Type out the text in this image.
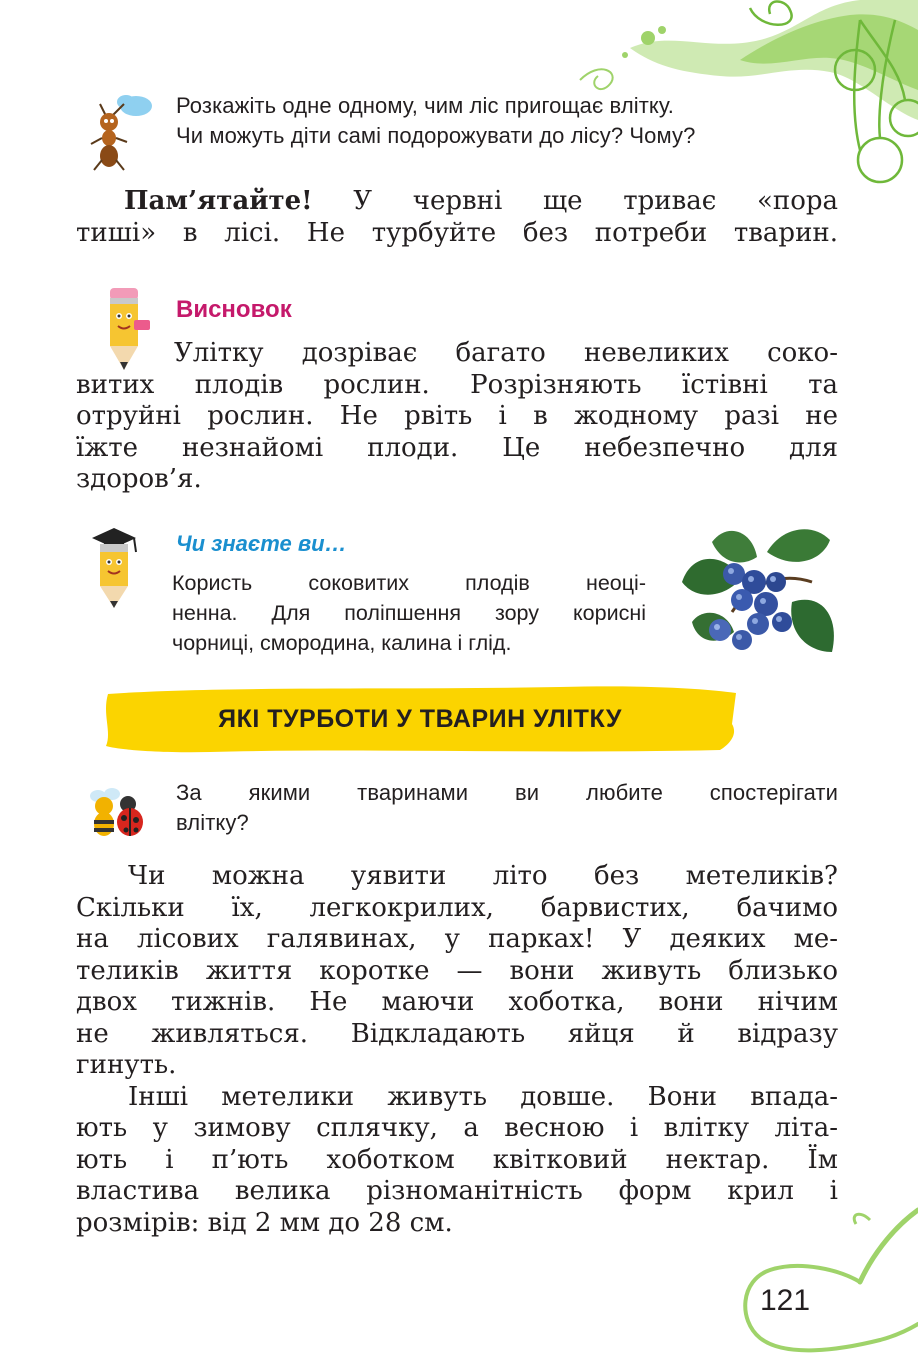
Розкажіть одне одному, чим ліс пригощає влітку.
Чи можуть діти самі подорожувати до лісу? Чому?
Пам’ятайте! У червні ще триває «пора
тиші» в лісі. Не турбуйте без потреби тварин.
Висновок
Улітку дозріває багато невеликих соко-
витих плодів рослин. Розрізняють їстівні та
отруйні рослин. Не рвіть і в жодному разі не
їжте незнайомі плоди. Це небезпечно для
здоров’я.
Чи знаєте ви…
Користь соковитих плодів неоці-
ненна. Для поліпшення зору корисні
чорниці, смородина, калина і глід.
ЯКІ ТУРБОТИ У ТВАРИН УЛІТКУ
За якими тваринами ви любите спостерігати
влітку?
Чи можна уявити літо без метеликів?
Скільки їх, легкокрилих, барвистих, бачимо
на лісових галявинах, у парках! У деяких ме-
теликів життя коротке — вони живуть близько
двох тижнів. Не маючи хоботка, вони нічим
не живляться. Відкладають яйця й відразу
гинуть.
Інші метелики живуть довше. Вони впада-
ють у зимову сплячку, а весною і влітку літа-
ють і п’ють хоботком квітковий нектар. Їм
властива велика різноманітність форм крил і
розмірів: від 2 мм до 28 см.
121
